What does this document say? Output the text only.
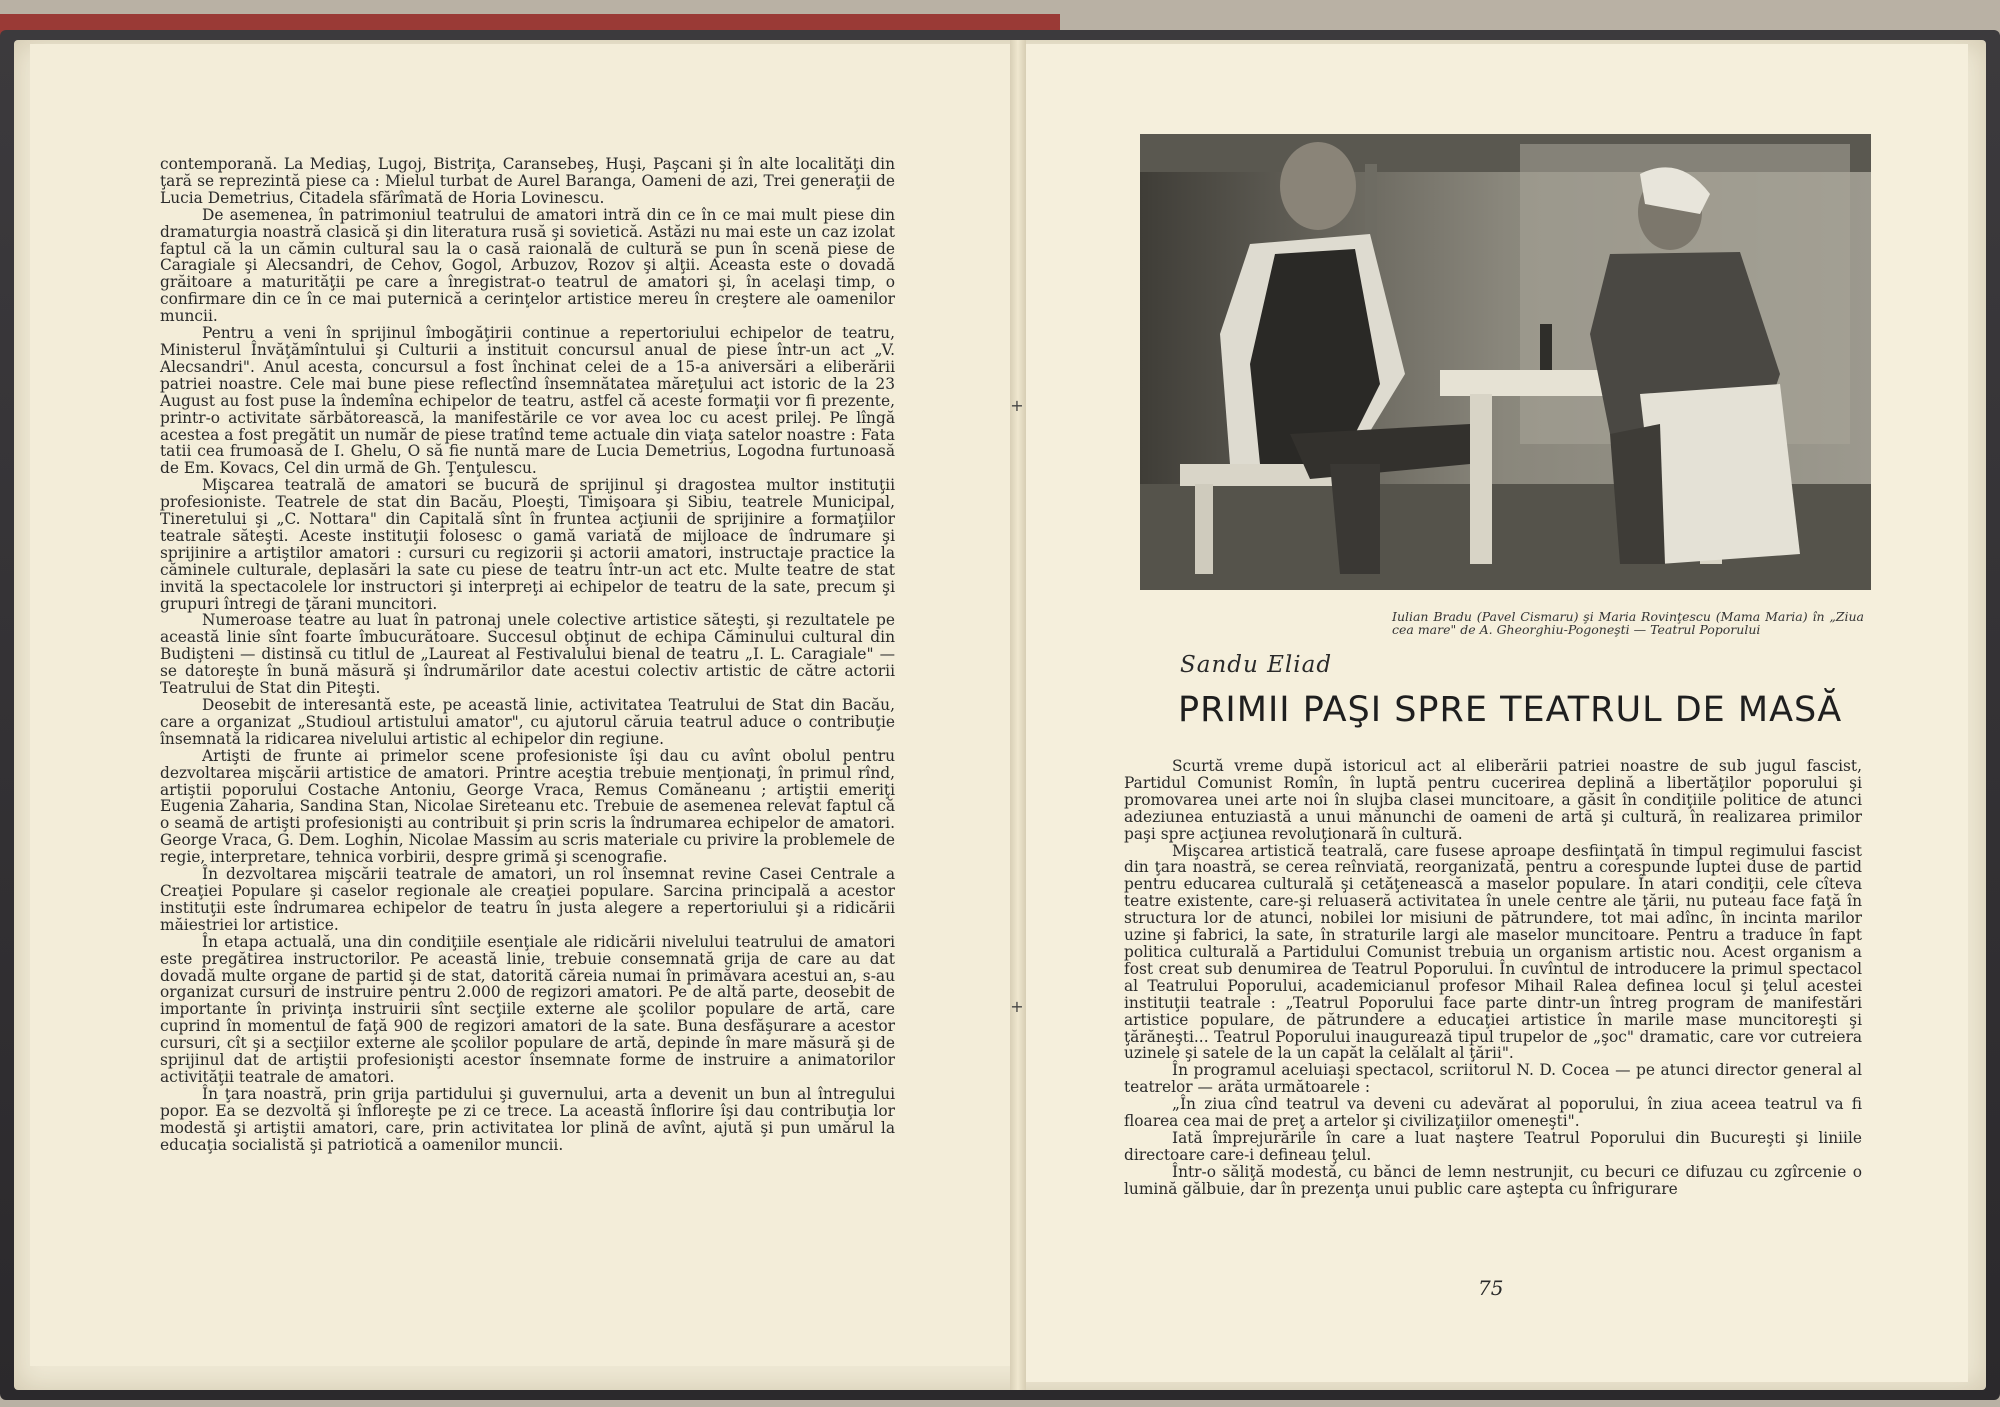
+
+

contemporană. La Mediaş, Lugoj, Bistriţa, Caransebeş, Huşi, Paşcani şi în alte localităţi din ţară se reprezintă piese ca : Mielul turbat de Aurel Baranga, Oameni de azi, Trei generaţii de Lucia Demetrius, Citadela sfărîmată de Horia Lovinescu.

De asemenea, în patrimoniul teatrului de amatori intră din ce în ce mai mult piese din dramaturgia noastră clasică şi din literatura rusă şi sovietică. Astăzi nu mai este un caz izolat faptul că la un cămin cultural sau la o casă raională de cultură se pun în scenă piese de Caragiale şi Alecsandri, de Cehov, Gogol, Arbuzov, Rozov şi alţii. Aceasta este o dovadă grăitoare a maturităţii pe care a înregistrat-o teatrul de amatori şi, în acelaşi timp, o confirmare din ce în ce mai puternică a cerinţelor artistice mereu în creştere ale oamenilor muncii.

Pentru a veni în sprijinul îmbogăţirii continue a repertoriului echipelor de teatru, Ministerul Învăţămîntului şi Culturii a instituit concursul anual de piese într-un act „V. Alecsandri". Anul acesta, concursul a fost închinat celei de a 15-a aniversări a eliberării patriei noastre. Cele mai bune piese reflectînd însemnătatea măreţului act istoric de la 23 August au fost puse la îndemîna echipelor de teatru, astfel că aceste formaţii vor fi prezente, printr-o activitate sărbătorească, la manifestările ce vor avea loc cu acest prilej. Pe lîngă acestea a fost pregătit un număr de piese tratînd teme actuale din viaţa satelor noastre : Fata tatii cea frumoasă de I. Ghelu, O să fie nuntă mare de Lucia Demetrius, Logodna furtunoasă de Em. Kovacs, Cel din urmă de Gh. Ţenţulescu.

Mişcarea teatrală de amatori se bucură de sprijinul şi dragostea multor instituţii profesioniste. Teatrele de stat din Bacău, Ploeşti, Timişoara şi Sibiu, teatrele Municipal, Tineretului şi „C. Nottara" din Capitală sînt în fruntea acţiunii de sprijinire a formaţiilor teatrale săteşti. Aceste instituţii folosesc o gamă variată de mijloace de îndrumare şi sprijinire a artiştilor amatori : cursuri cu regizorii şi actorii amatori, instructaje practice la căminele culturale, deplasări la sate cu piese de teatru într-un act etc. Multe teatre de stat invită la spectacolele lor instructori şi interpreţi ai echipelor de teatru de la sate, precum şi grupuri întregi de ţărani muncitori.

Numeroase teatre au luat în patronaj unele colective artistice săteşti, şi rezultatele pe această linie sînt foarte îmbucurătoare. Succesul obţinut de echipa Căminului cultural din Budişteni — distinsă cu titlul de „Laureat al Festivalului bienal de teatru „I. L. Caragiale" — se datoreşte în bună măsură şi îndrumărilor date acestui colectiv artistic de către actorii Teatrului de Stat din Piteşti.

Deosebit de interesantă este, pe această linie, activitatea Teatrului de Stat din Bacău, care a organizat „Studioul artistului amator", cu ajutorul căruia teatrul aduce o contribuţie însemnată la ridicarea nivelului artistic al echipelor din regiune.

Artişti de frunte ai primelor scene profesioniste îşi dau cu avînt obolul pentru dezvoltarea mişcării artistice de amatori. Printre aceştia trebuie menţionaţi, în primul rînd, artiştii poporului Costache Antoniu, George Vraca, Remus Comăneanu ; artiştii emeriţi Eugenia Zaharia, Sandina Stan, Nicolae Sireteanu etc. Trebuie de asemenea relevat faptul că o seamă de artişti profesionişti au contribuit şi prin scris la îndrumarea echipelor de amatori. George Vraca, G. Dem. Loghin, Nicolae Massim au scris materiale cu privire la problemele de regie, interpretare, tehnica vorbirii, despre grimă şi scenografie.

În dezvoltarea mişcării teatrale de amatori, un rol însemnat revine Casei Centrale a Creaţiei Populare şi caselor regionale ale creaţiei populare. Sarcina principală a acestor instituţii este îndrumarea echipelor de teatru în justa alegere a repertoriului şi a ridicării măiestriei lor artistice.

În etapa actuală, una din condiţiile esenţiale ale ridicării nivelului teatrului de amatori este pregătirea instructorilor. Pe această linie, trebuie consemnată grija de care au dat dovadă multe organe de partid şi de stat, datorită căreia numai în primăvara acestui an, s-au organizat cursuri de instruire pentru 2.000 de regizori amatori. Pe de altă parte, deosebit de importante în privinţa instruirii sînt secţiile externe ale şcolilor populare de artă, care cuprind în momentul de faţă 900 de regizori amatori de la sate. Buna desfăşurare a acestor cursuri, cît şi a secţiilor externe ale şcolilor populare de artă, depinde în mare măsură şi de sprijinul dat de artiştii profesionişti acestor însemnate forme de instruire a animatorilor activităţii teatrale de amatori.

În ţara noastră, prin grija partidului şi guvernului, arta a devenit un bun al întregului popor. Ea se dezvoltă şi înfloreşte pe zi ce trece. La această înflorire îşi dau contribuţia lor modestă şi artiştii amatori, care, prin activitatea lor plină de avînt, ajută şi pun umărul la educaţia socialistă şi patriotică a oamenilor muncii.

Iulian Bradu (Pavel Cismaru) şi Maria Rovinţescu (Mama Maria) în „Ziua cea mare" de A. Gheorghiu-Pogoneşti — Teatrul Poporului
Sandu Eliad
PRIMII PAŞI SPRE TEATRUL DE MASĂ

Scurtă vreme după istoricul act al eliberării patriei noastre de sub jugul fascist, Partidul Comunist Romîn, în luptă pentru cucerirea deplină a libertăţilor poporului şi promovarea unei arte noi în slujba clasei muncitoare, a găsit în condiţiile politice de atunci adeziunea entuziastă a unui mănunchi de oameni de artă şi cultură, în realizarea primilor paşi spre acţiunea revoluţionară în cultură.

Mişcarea artistică teatrală, care fusese aproape desfiinţată în timpul regimului fascist din ţara noastră, se cerea reînviată, reorganizată, pentru a corespunde luptei duse de partid pentru educarea culturală şi cetăţenească a maselor populare. În atari condiţii, cele cîteva teatre existente, care-şi reluaseră activitatea în unele centre ale ţării, nu puteau face faţă în structura lor de atunci, nobilei lor misiuni de pătrundere, tot mai adînc, în incinta marilor uzine şi fabrici, la sate, în straturile largi ale maselor muncitoare. Pentru a traduce în fapt politica culturală a Partidului Comunist trebuia un organism artistic nou. Acest organism a fost creat sub denumirea de Teatrul Poporului. În cuvîntul de introducere la primul spectacol al Teatrului Poporului, academicianul profesor Mihail Ralea definea locul şi ţelul acestei instituţii teatrale : „Teatrul Poporului face parte dintr-un întreg program de manifestări artistice populare, de pătrundere a educaţiei artistice în marile mase muncitoreşti şi ţărăneşti... Teatrul Poporului inaugurează tipul trupelor de „şoc" dramatic, care vor cutreiera uzinele şi satele de la un capăt la celălalt al ţării".

În programul aceluiaşi spectacol, scriitorul N. D. Cocea — pe atunci director general al teatrelor — arăta următoarele :

„În ziua cînd teatrul va deveni cu adevărat al poporului, în ziua aceea teatrul va fi floarea cea mai de preţ a artelor şi civilizaţiilor omeneşti".

Iată împrejurările în care a luat naştere Teatrul Poporului din Bucureşti şi liniile directoare care-i defineau ţelul.

Într-o săliţă modestă, cu bănci de lemn nestrunjit, cu becuri ce difuzau cu zgîrcenie o lumină gălbuie, dar în prezenţa unui public care aştepta cu înfrigurare

75
